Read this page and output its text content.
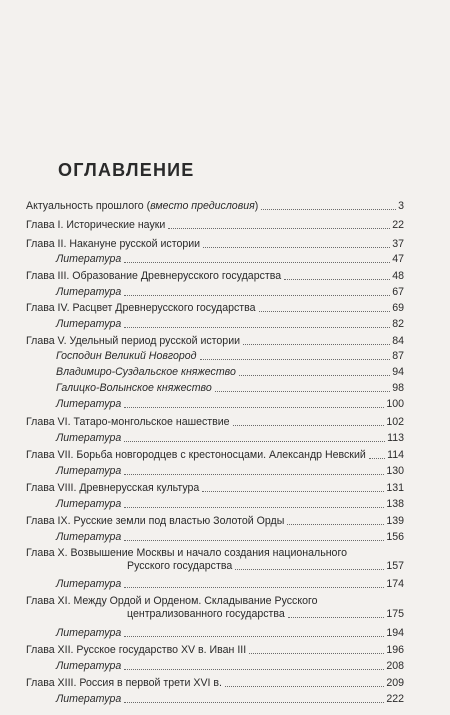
ОГЛАВЛЕНИЕ
Актуальность прошлого (вместо предисловия)	3
Глава I. Исторические науки	22
Глава II. Накануне русской истории	37
Литература	47
Глава III. Образование Древнерусского государства	48
Литература	67
Глава IV. Расцвет Древнерусского государства	69
Литература	82
Глава V. Удельный период русской истории	84
Господин Великий Новгород	87
Владимиро-Суздальское княжество	94
Галицко-Волынское княжество	98
Литература	100
Глава VI. Татаро-монгольское нашествие	102
Литература	113
Глава VII. Борьба новгородцев с крестоносцами. Александр Невский 114
Литература	130
Глава VIII. Древнерусская культура	131
Литература	138
Глава IX. Русские земли под властью Золотой Орды	139
Литература	156
Глава X. Возвышение Москвы и начало создания национального
Русского государства	157
Литература	174
Глава XI. Между Ордой и Орденом. Складывание Русского
централизованного государства	175
Литература	194
Глава XII. Русское государство XV в. Иван III	196
Литература	208
Глава XIII. Россия в первой трети XVI в.	209
Литература	222
